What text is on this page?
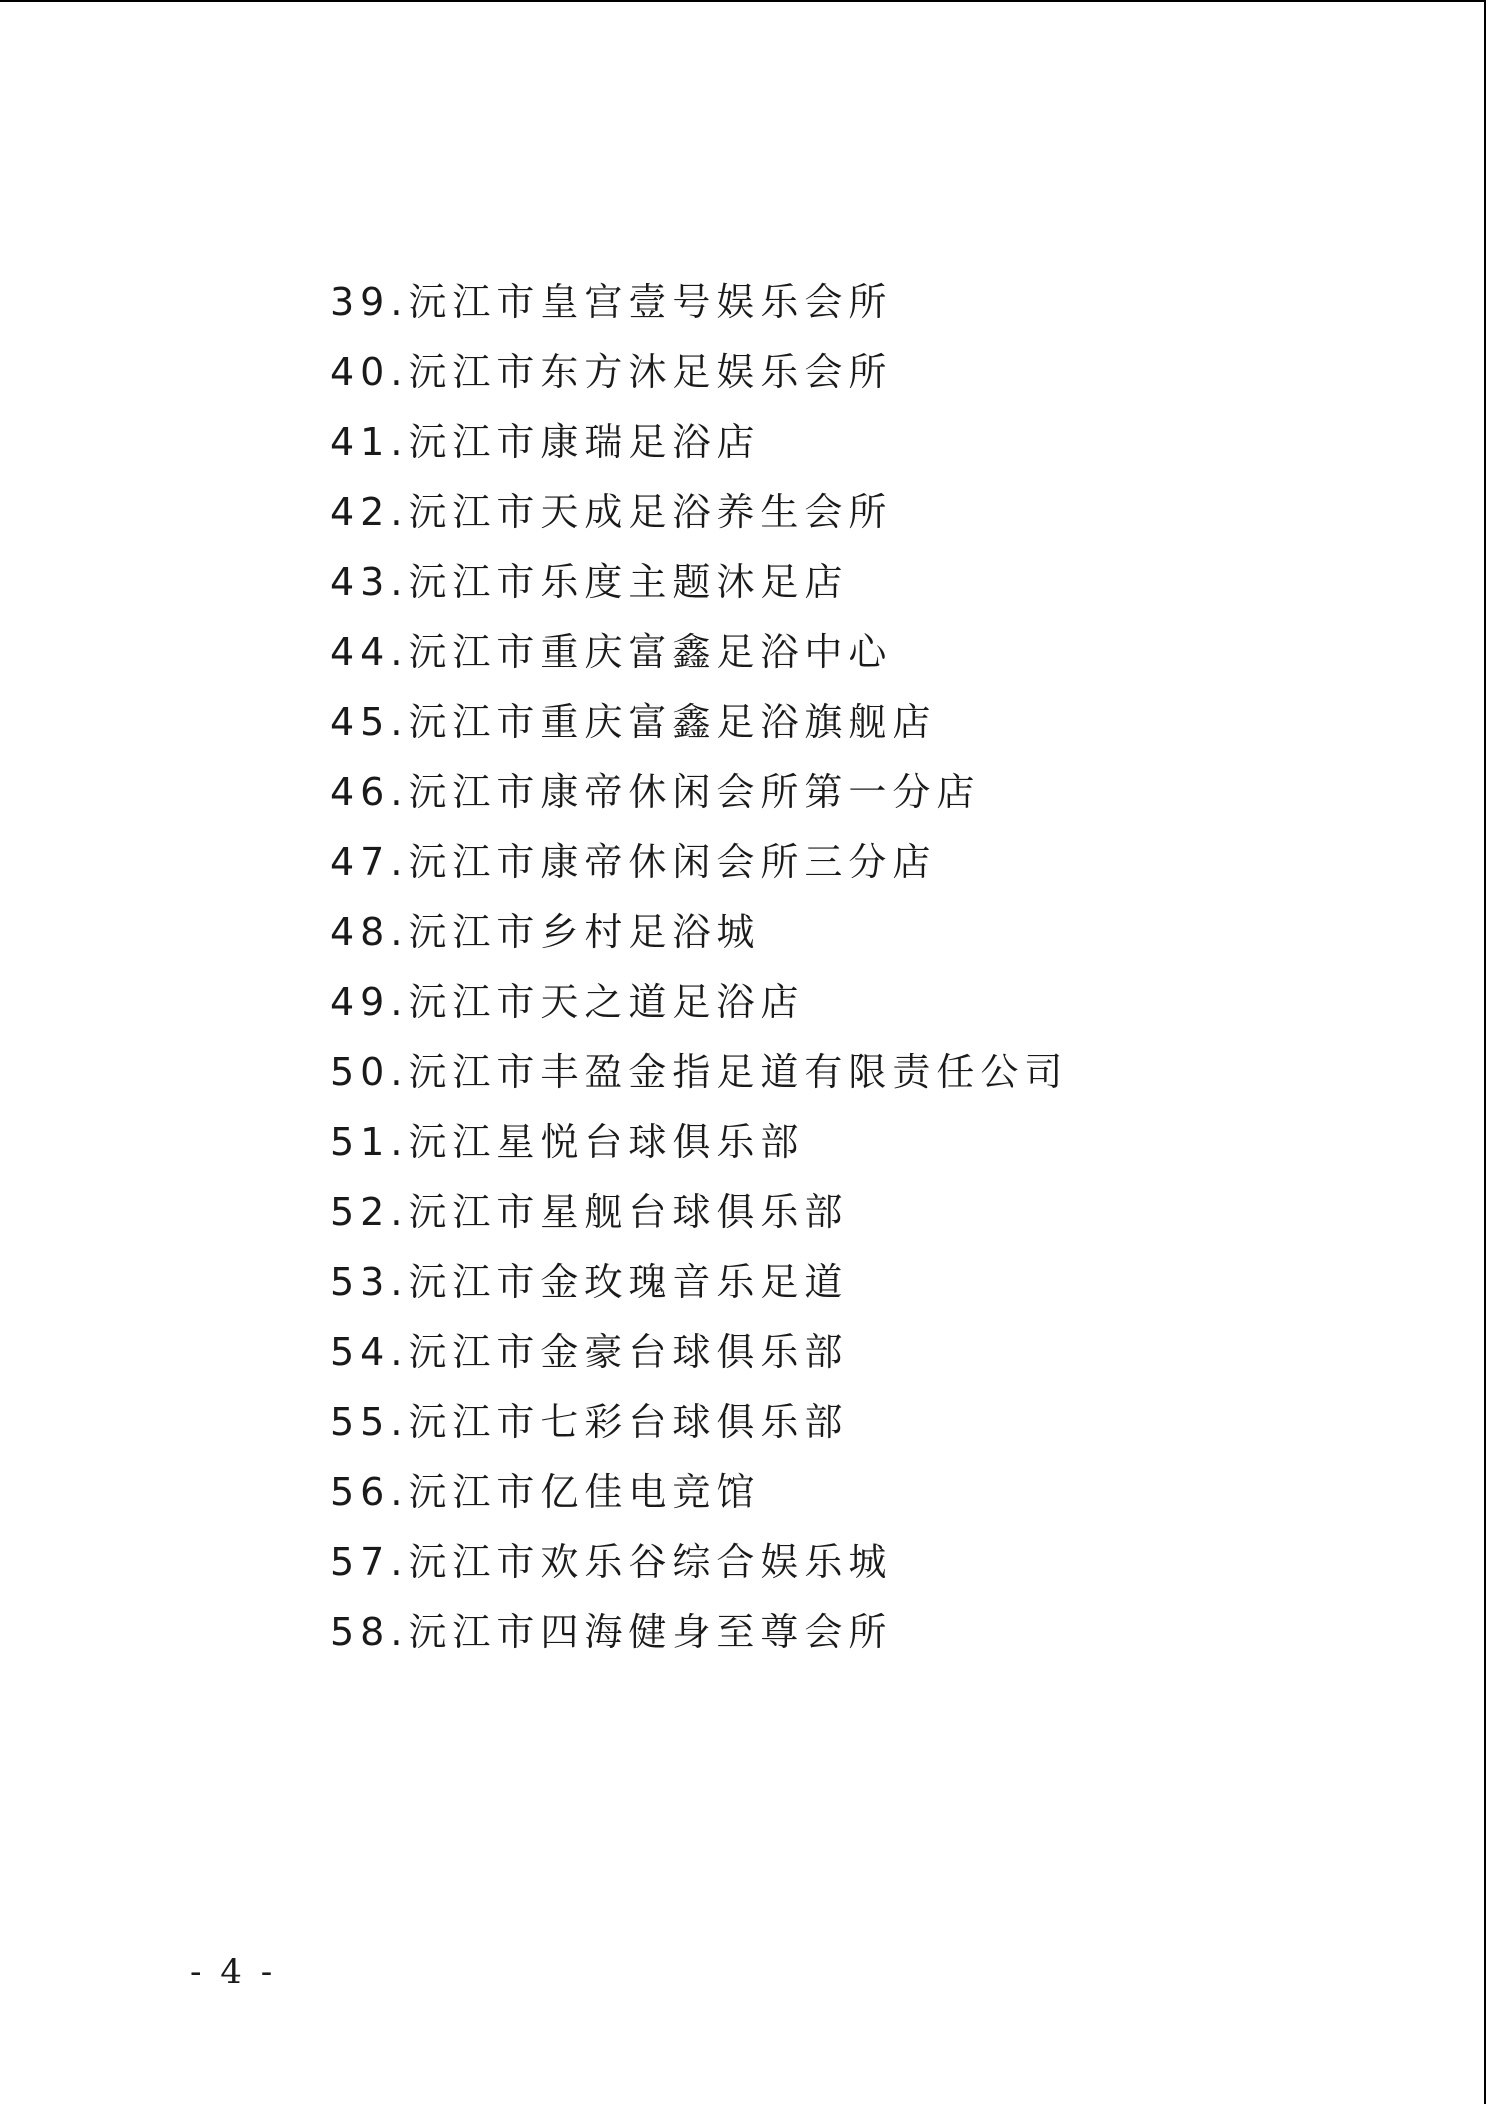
39.沅江市皇宫壹号娱乐会所
40.沅江市东方沐足娱乐会所
41.沅江市康瑞足浴店
42.沅江市天成足浴养生会所
43.沅江市乐度主题沐足店
44.沅江市重庆富鑫足浴中心
45.沅江市重庆富鑫足浴旗舰店
46.沅江市康帝休闲会所第一分店
47.沅江市康帝休闲会所三分店
48.沅江市乡村足浴城
49.沅江市天之道足浴店
50.沅江市丰盈金指足道有限责任公司
51.沅江星悦台球俱乐部
52.沅江市星舰台球俱乐部
53.沅江市金玫瑰音乐足道
54.沅江市金豪台球俱乐部
55.沅江市七彩台球俱乐部
56.沅江市亿佳电竞馆
57.沅江市欢乐谷综合娱乐城
58.沅江市四海健身至尊会所
- 4 -
